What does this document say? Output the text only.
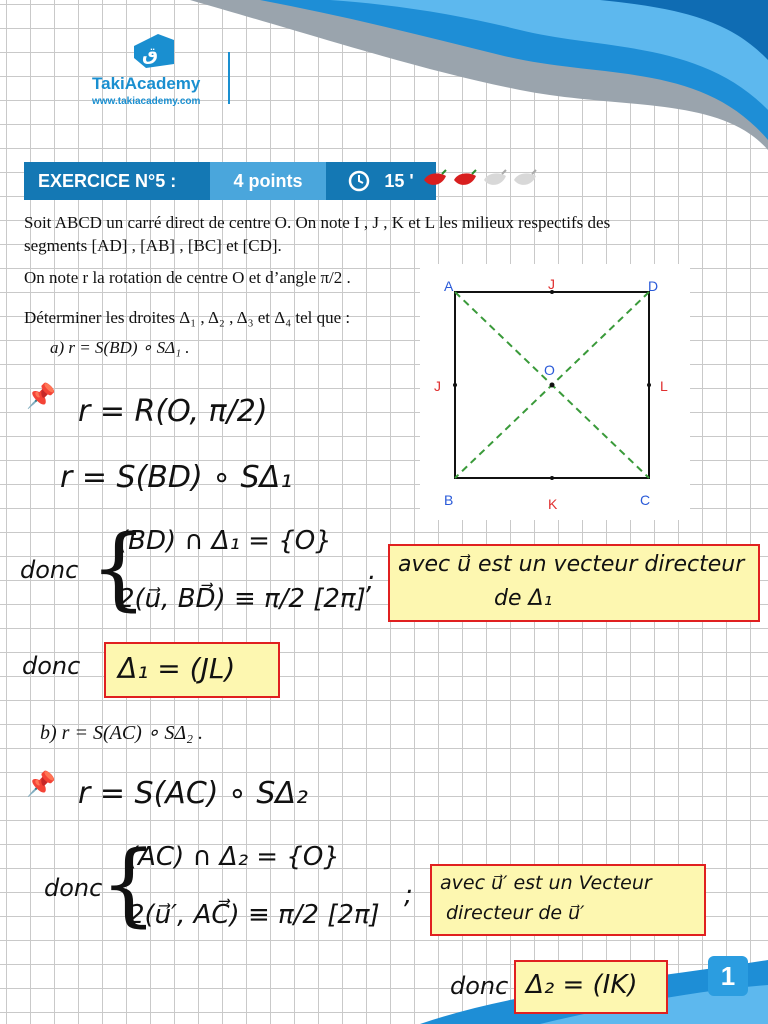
ق
TakiAcademy
www.takiacademy.com
EXERCICE N°5 :	4 points	15 '
Soit ABCD un carré direct de centre O. On note I , J , K et L les milieux respectifs des
segments [AD] , [AB] , [BC] et [CD].
On note r la rotation de centre O et d’angle π/2 .
Déterminer les droites Δ₁ , Δ₂ , Δ₃ et Δ₄ tel que :
a) r = S(BD) ∘ SΔ₁ .
A	J	D
O
J	L
B	K	C
📌 r = R(O, π/2)
r = S(BD) ∘ SΔ₁
donc {
(BD) ∩ Δ₁ = {O}
2(u⃗, BD⃗) ≡ π/2 [2π]
;
avec u⃗ est un vecteur directeur
de Δ₁
donc Δ₁ = (JL)
b) r = S(AC) ∘ SΔ₂ .
📌 r = S(AC) ∘ SΔ₂
donc
{
(AC) ∩ Δ₂ = {O}
2(u⃗′, AC⃗) ≡ π/2 [2π]
; avec u⃗′ est un Vecteur
directeur de u⃗′
donc Δ₂ = (IK)	1
